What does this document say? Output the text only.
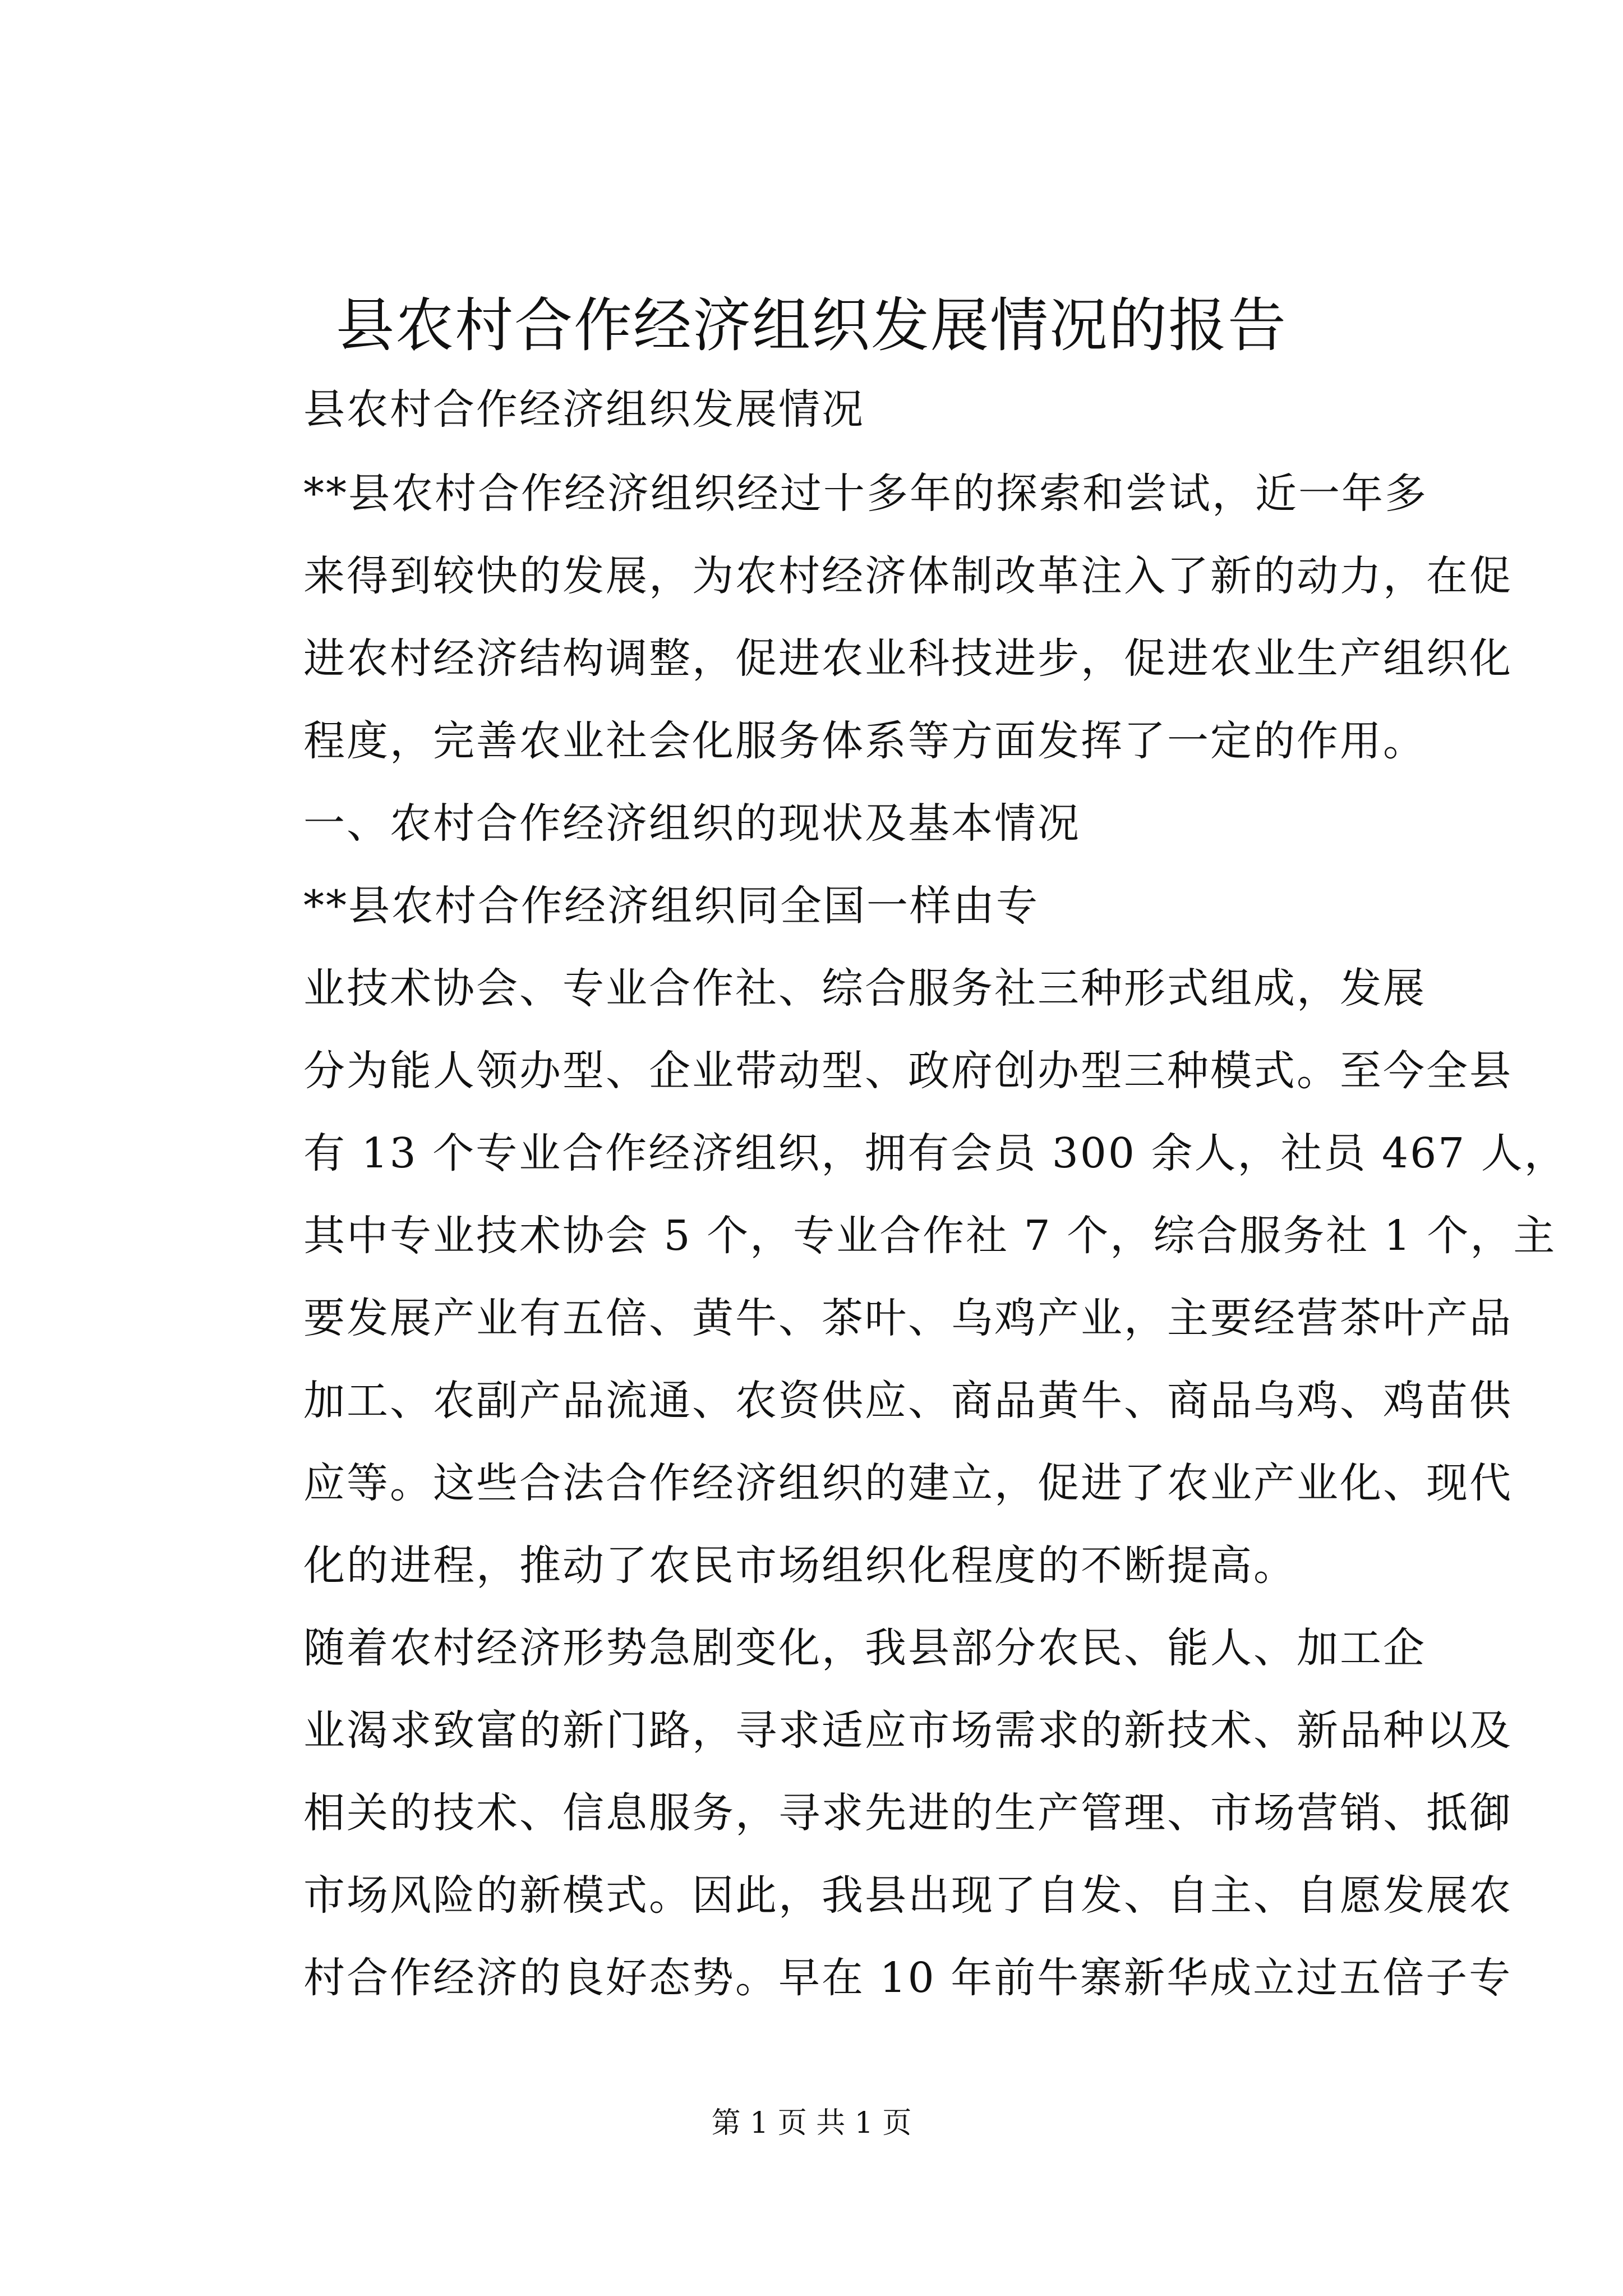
县农村合作经济组织发展情况的报告
县农村合作经济组织发展情况
**县农村合作经济组织经过十多年的探索和尝试，近一年多
来得到较快的发展，为农村经济体制改革注入了新的动力，在促
进农村经济结构调整，促进农业科技进步，促进农业生产组织化
程度，完善农业社会化服务体系等方面发挥了一定的作用。
一、农村合作经济组织的现状及基本情况
**县农村合作经济组织同全国一样由专
业技术协会、专业合作社、综合服务社三种形式组成，发展
分为能人领办型、企业带动型、政府创办型三种模式。至今全县
有 13 个专业合作经济组织，拥有会员 300 余人，社员 467 人，
其中专业技术协会 5 个，专业合作社 7 个，综合服务社 1 个，主
要发展产业有五倍、黄牛、茶叶、乌鸡产业，主要经营茶叶产品
加工、农副产品流通、农资供应、商品黄牛、商品乌鸡、鸡苗供
应等。这些合法合作经济组织的建立，促进了农业产业化、现代
化的进程，推动了农民市场组织化程度的不断提高。
随着农村经济形势急剧变化，我县部分农民、能人、加工企
业渴求致富的新门路，寻求适应市场需求的新技术、新品种以及
相关的技术、信息服务，寻求先进的生产管理、市场营销、抵御
市场风险的新模式。因此，我县出现了自发、自主、自愿发展农
村合作经济的良好态势。早在 10 年前牛寨新华成立过五倍子专
第 1 页 共 1 页
